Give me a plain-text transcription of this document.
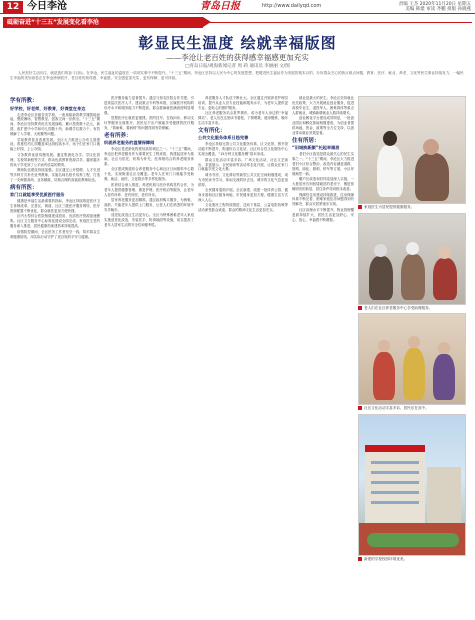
12 今日李沧	青岛日报	http://www.dailyqd.com	责编 王杰 2020年11月20日 星期五
美编 韩建 审读 齐鹏 排版 孙晓燕
砥砺奋进“十三五”发展变化看李沧
彰显民生温度 绘就幸福版图
——李沧让老百姓的获得感幸福感更加充实
□青岛日报/观海新闻记者 周 莉 通讯员 李丽丽 文/图
人民美好生活向往，就是我们的奋斗目标。在李沧，民生福祉的温度在一项项实事中不断提升。“十三五”期间，李沧区坚持以人民为中心的发展思想，把增进民生福祉作为发展的根本目的，办好群众关心的热点难点问题，教育、医疗、就业、养老、文化等民生事业持续发力，一幅民生幸福的美好画卷正在李沧徐徐展开，老百姓的获得感、幸福感、安全感更加充实、更有保障、更可持续。
学有所教：
好学校，好老师，好教育，好课堂在身边

走进李沧区各级各类学校，一座座崭新的教学楼拔地而起，塑胶操场、智慧教室、创客空间一应俱全。“十三五”期间，李沧区坚持教育优先发展战略，累计投资数十亿元，新建、改扩建中小学和幼儿园数十所，新增学位数万个，有效缓解了入学难、大班额等问题。

学前教育普及普惠发展。全区大力推进公办幼儿园建设，普惠性幼儿园覆盖率达到较高水平，孩子们在家门口就能上好园、上公办园。

义务教育优质均衡发展。通过集团化办学、学区化管理、名校带新校等方式，推动优质教育资源共享，越来越多的孩子享受到了公平而有质量的教育。

教师队伍建设持续加强。全区通过公开招聘、人才引进等多种方式补充优秀教师，实施名师名校长培养工程，打造了一支师德高尚、业务精湛、结构合理的高素质教师队伍。

病有所医：
家门口就能享受优质医疗服务

健康是幸福生活最重要的指标。李沧区持续推进医疗卫生体制改革，完善区、街道、社区三级医疗服务网络，医疗资源配置不断优化，群众就医更加方便快捷。

区内大型综合医院相继建成投用，优质医疗资源加速聚集。社区卫生服务中心标准化建设全面完成，家庭医生签约服务深入推进，居民健康档案建档率持续提高。

疫情防控期间，全区医务工作者坚守一线，筑牢群众生命健康防线，用实际行动守护了老百姓的平安与健康。

医疗服务能力显著提升。通过与知名医院合作共建、引进高层次医疗人才、建设重点专科等举措，区属医疗机构的诊疗水平和服务能力不断提高，群众看病就医满意度明显增强。

智慧医疗让就医更便捷。预约挂号、在线问诊、移动支付等服务全面推开，居民足不出户就能享受便捷的医疗服务，“看病难、看病烦”的问题得到有效缓解。

老有所养：
织就养老服务的温情保障网

李沧区是老龄化程度较高的城区之一。“十三五”期间，李沧区把养老服务作为重要民生工程来抓，构建起居家为基础、社区为依托、机构为补充、医养相结合的养老服务体系。

全区建成街道综合养老服务中心和社区日间照料中心数十处，实现街道社区全覆盖。老年人在家门口就能享受助餐、助洁、助医、文化娱乐等多样化服务。

医养结合深入推进。养老机构与医疗机构签约合作，为老年人提供健康管理、康复护理、医疗救治等服务，让老年人老有所养、老有所医、老有所乐。

居家养老服务更加精准。通过政府购买服务，为困难、高龄、失能老年人提供上门服务，让老人们在熟悉的环境中安享晚年。

适老化改造让生活更安心。全区为特殊困难老年人家庭实施适老化改造，安装扶手、防滑地面等设施，切实提高了老年人居家生活的安全性和便利性。

养老服务人才队伍不断壮大。全区通过开展养老护理员培训，提升从业人员专业技能和服务水平，为老年人提供更专业、更贴心的照护服务。

社区养老服务站点星罗棋布，成为老年人身边的“幸福驿站”。老人们在这里读书看报、下棋唱歌、健身锻炼，晚年生活丰富多彩。

文有所化：
公共文化服务体系日趋完善

李沧区持续完善公共文化服务体系，区文化馆、图书馆功能不断提升，街道综合文化站、社区综合性文化服务中心实现全覆盖，“15分钟文化服务圈”基本形成。

群众文化活动丰富多彩。广场文化活动、社区文艺演出、非遗展示、全民阅读等活动常态化开展，让群众在家门口就能享受文化大餐。

城市书房、文化驿站等新型公共文化空间相继建成，成为市民读书学习、休闲交流的好去处，城市的文化气息更加浓厚。

全民健身蓬勃开展。全区新建、改建一批体育公园、健身步道和社区健身场地，市民健身更加方便，健康生活方式深入人心。

文化惠民工程持续推进，送戏下基层、公益电影放映等活动深受群众欢迎，群众的精神文化生活更加充实。

就业是最大的民生。李沧区坚持就业优先政策，大力开展就业创业服务，促进高校毕业生、退役军人、困难群体等重点人群就业，城镇新增就业人数持续增长。

创业孵化平台建设成效明显，一批创业园区和孵化基地相继建成，为创业者提供场地、资金、政策等全方位支持，以创业带动就业效果显著。

住有所居：
“旧城换新颜”托起幸福居

老旧小区改造是群众最关心的民生实事之一。“十三五”期间，李沧区大力推进老旧小区综合整治，改造内容涵盖道路、管网、绿化、照明、停车等方面，小区环境焕然一新。

棚户区改造和旧村改造深入实施，一大批居民告别低矮破旧的老房子，搬进宽敞明亮的新居，居住条件得到根本改善。

保障性住房建设持续推进，住房保障体系不断完善，困难家庭住房问题得到有效解决，群众安居梦逐步实现。

社区治理水平不断提升，物业管理覆盖面持续扩大，居民生活更加舒心、安心、放心，幸福感不断增强。

家庭医生为居民提供健康服务。
老人们在社区养老服务中心享受助餐服务。
社区文化活动丰富多彩，居民乐在其中。
新建的学校校园环境优美。
